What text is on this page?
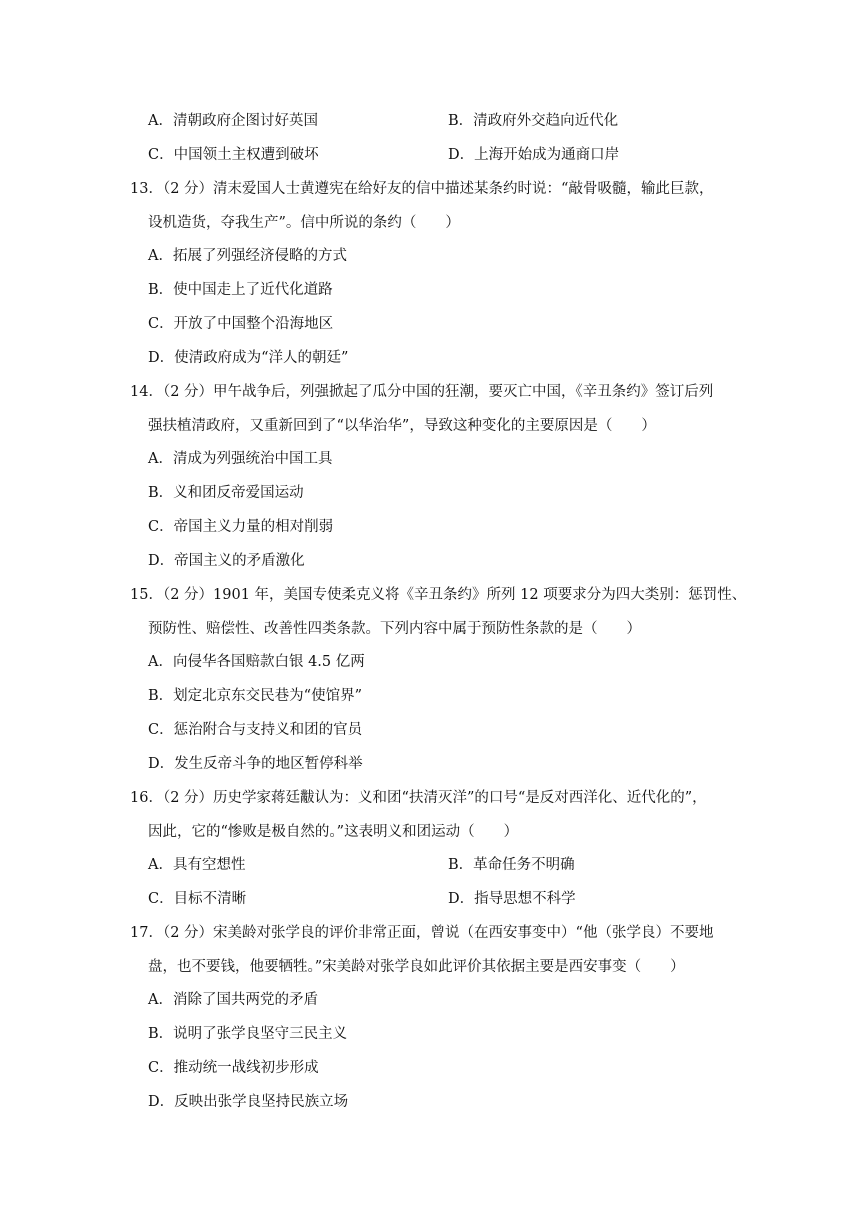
A．清朝政府企图讨好英国	B．清政府外交趋向近代化
C．中国领土主权遭到破坏	D．上海开始成为通商口岸
13．（2 分）清末爱国人士黄遵宪在给好友的信中描述某条约时说：“敲骨吸髓，输此巨款，
设机造货，夺我生产”。信中所说的条约（　　）
A．拓展了列强经济侵略的方式
B．使中国走上了近代化道路
C．开放了中国整个沿海地区
D．使清政府成为“洋人的朝廷”
14．（2 分）甲午战争后，列强掀起了瓜分中国的狂潮，要灭亡中国，《辛丑条约》签订后列
强扶植清政府，又重新回到了“以华治华”，导致这种变化的主要原因是（　　）
A．清成为列强统治中国工具
B．义和团反帝爱国运动
C．帝国主义力量的相对削弱
D．帝国主义的矛盾激化
15．（2 分）1901 年，美国专使柔克义将《辛丑条约》所列 12 项要求分为四大类别：惩罚性、
预防性、赔偿性、改善性四类条款。下列内容中属于预防性条款的是（　　）
A．向侵华各国赔款白银 4.5 亿两
B．划定北京东交民巷为“使馆界”
C．惩治附合与支持义和团的官员
D．发生反帝斗争的地区暂停科举
16．（2 分）历史学家蒋廷黻认为：义和团“扶清灭洋”的口号“是反对西洋化、近代化的”，
因此，它的“惨败是极自然的。”这表明义和团运动（　　）
A．具有空想性	B．革命任务不明确
C．目标不清晰	D．指导思想不科学
17．（2 分）宋美龄对张学良的评价非常正面，曾说（在西安事变中）“他（张学良）不要地
盘，也不要钱，他要牺牲。”宋美龄对张学良如此评价其依据主要是西安事变（　　）
A．消除了国共两党的矛盾
B．说明了张学良坚守三民主义
C．推动统一战线初步形成
D．反映出张学良坚持民族立场
